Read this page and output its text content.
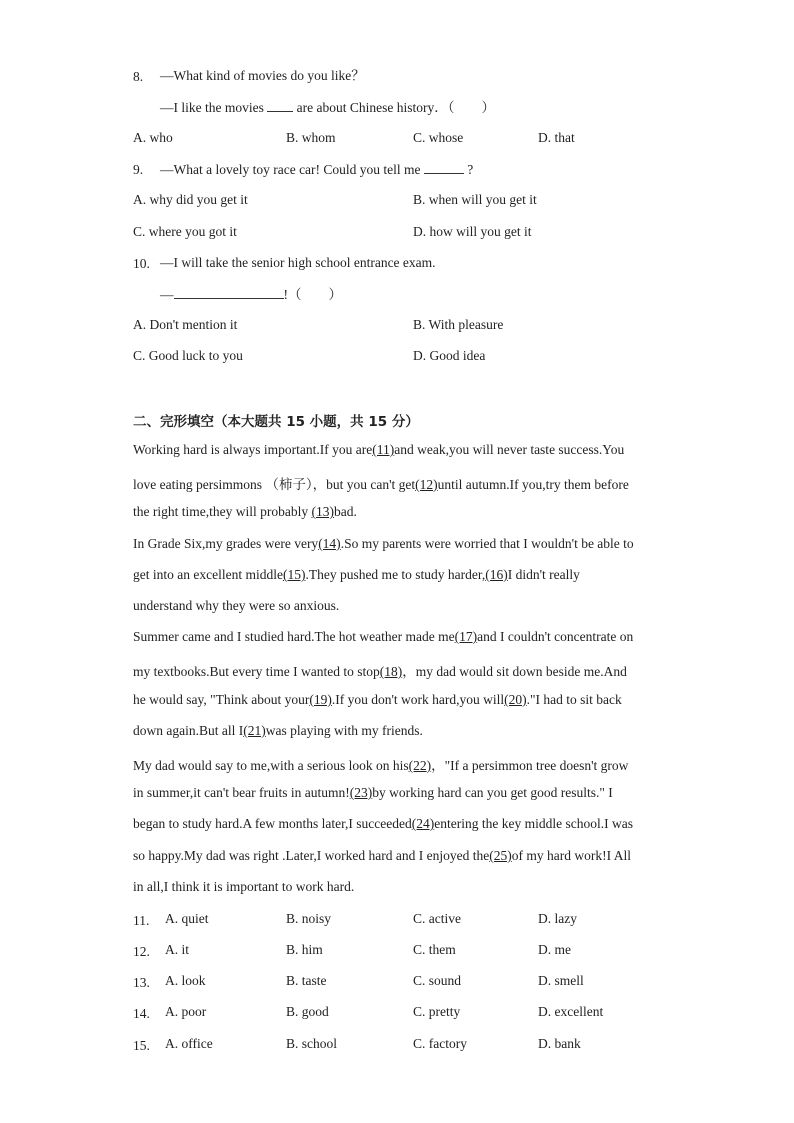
8. —What kind of movies do you like？
—I like the movies are about Chinese history．（　　）
A. who	B. whom	C. whose	D. that
9. —What a lovely toy race car! Could you tell me	?
A. why did you get it	B. when will you get it
C. where you got it	D. how will you get it
10. —I will take the senior high school entrance exam.
—	!（　　）
A. Don't mention it	B. With pleasure
C. Good luck to you	D. Good idea
二、完形填空（本大题共 15 小题，共 15 分）
Working hard is always important.If you are(11)and weak,you will never taste success.You
love eating persimmons （柿子），but you can't get(12)until autumn.If you,try them before
the right time,they will probably (13)bad.
In Grade Six,my grades were very(14).So my parents were worried that I wouldn't be able to
get into an excellent middle(15).They pushed me to study harder,(16)I didn't really
understand why they were so anxious.
Summer came and I studied hard.The hot weather made me(17)and I couldn't concentrate on
my textbooks.But every time I wanted to stop(18)，my dad would sit down beside me.And
he would say, "Think about your(19).If you don't work hard,you will(20)."I had to sit back
down again.But all I(21)was playing with my friends.
My dad would say to me,with a serious look on his(22)，"If a persimmon tree doesn't grow
in summer,it can't bear fruits in autumn!(23)by working hard can you get good results." I
began to study hard.A few months later,I succeeded(24)entering the key middle school.I was
so happy.My dad was right .Later,I worked hard and I enjoyed the(25)of my hard work!I All
in all,I think it is important to work hard.
11. A. quiet	B. noisy	C. active	D. lazy
12. A. it	B. him	C. them	D. me
13. A. look	B. taste	C. sound	D. smell
14. A. poor	B. good	C. pretty	D. excellent
15. A. office	B. school	C. factory	D. bank
